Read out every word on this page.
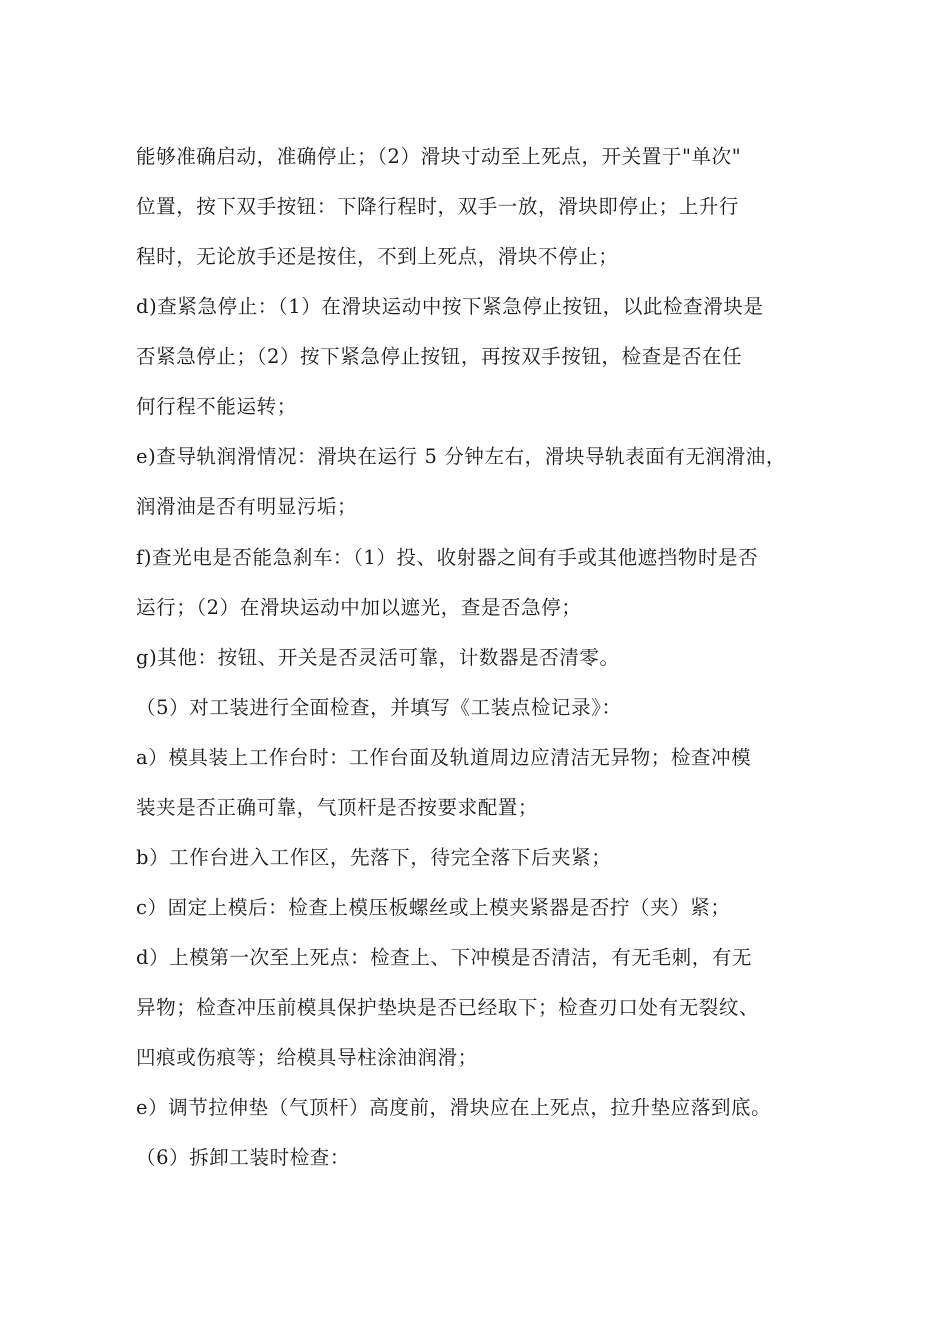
能够准确启动，准确停止；（2）滑块寸动至上死点，开关置于"单次"
位置，按下双手按钮：下降行程时，双手一放，滑块即停止；上升行
程时，无论放手还是按住，不到上死点，滑块不停止；
d)查紧急停止：（1）在滑块运动中按下紧急停止按钮，以此检查滑块是
否紧急停止；（2）按下紧急停止按钮，再按双手按钮，检查是否在任
何行程不能运转；
e)查导轨润滑情况：滑块在运行 5 分钟左右，滑块导轨表面有无润滑油，
润滑油是否有明显污垢；
f)查光电是否能急刹车：（1）投、收射器之间有手或其他遮挡物时是否
运行；（2）在滑块运动中加以遮光，查是否急停；
g)其他：按钮、开关是否灵活可靠，计数器是否清零。
（5）对工装进行全面检查，并填写《工装点检记录》：
a）模具装上工作台时：工作台面及轨道周边应清洁无异物；检查冲模
装夹是否正确可靠，气顶杆是否按要求配置；
b）工作台进入工作区，先落下，待完全落下后夹紧；
c）固定上模后：检查上模压板螺丝或上模夹紧器是否拧（夹）紧；
d）上模第一次至上死点：检查上、下冲模是否清洁，有无毛刺，有无
异物；检查冲压前模具保护垫块是否已经取下；检查刃口处有无裂纹、
凹痕或伤痕等；给模具导柱涂油润滑；
e）调节拉伸垫（气顶杆）高度前，滑块应在上死点，拉升垫应落到底。
（6）拆卸工装时检查：
